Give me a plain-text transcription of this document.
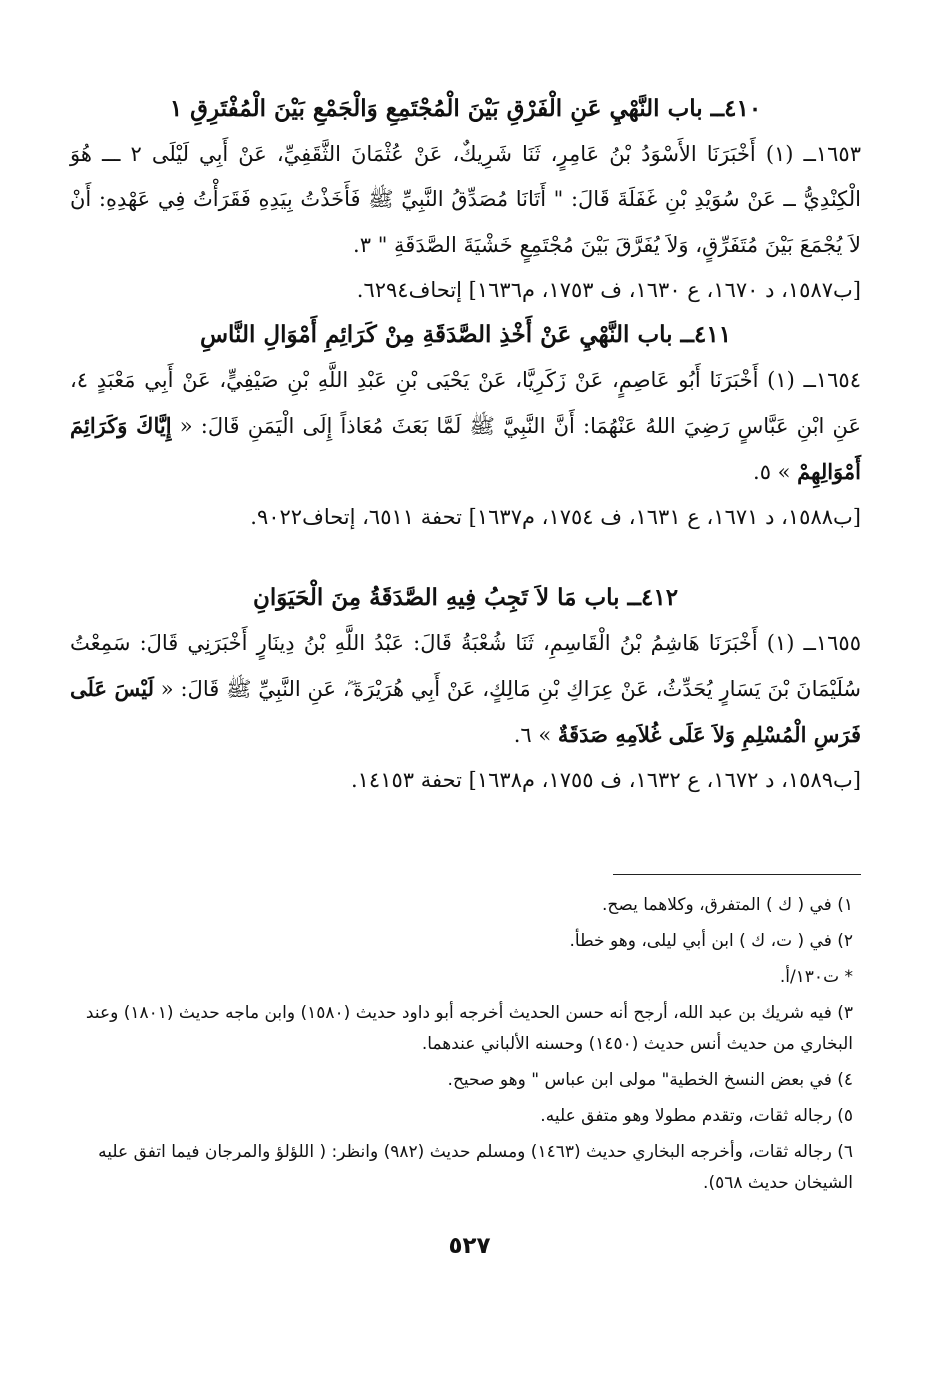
٤١٠ــ باب النَّهْيِ عَنِ الْفَرْقِ بَيْنَ الْمُجْتَمِعِ وَالْجَمْعِ بَيْنَ الْمُفْتَرِقِ ١

١٦٥٣ــ (١) أَخْبَرَنَا الأَسْوَدُ بْنُ عَامِرٍ، ثَنَا شَرِيكٌ، عَنْ عُثْمَانَ الثَّقَفِيِّ، عَنْ أَبِي لَيْلَى ٢ ـــ هُوَ الْكِنْدِيُّ ــ عَنْ سُوَيْدِ بْنِ غَفَلَةَ قَالَ: " أَتَانَا مُصَدِّقُ النَّبِيِّ ﷺ فَأَخَذْتُ بِيَدِهِ فَقَرَأْتُ فِي عَهْدِهِ: أَنْ لاَ يُجْمَعَ بَيْنَ مُتَفَرِّقٍ، وَلاَ يُفَرَّقَ بَيْنَ مُجْتَمِعٍ خَشْيَةَ الصَّدَقَةِ " ٣.

[ب١٥٨٧، د ١٦٧٠، ع ١٦٣٠، ف ١٧٥٣، م١٦٣٦] إتحاف٦٢٩٤.

٤١١ــ باب النَّهْيِ عَنْ أَخْذِ الصَّدَقَةِ مِنْ كَرَائِمِ أَمْوَالِ النَّاسِ

١٦٥٤ــ (١) أَخْبَرَنَا أَبُو عَاصِمٍ، عَنْ زَكَرِيَّا، عَنْ يَحْيَى بْنِ عَبْدِ اللَّهِ بْنِ صَيْفِيٍّ، عَنْ أَبِي مَعْبَدٍ ٤، عَنِ ابْنِ عَبَّاسٍ رَضِيَ اللهُ عَنْهُمَا: أَنَّ النَّبِيَّ ﷺ لَمَّا بَعَثَ مُعَاذاً إِلَى الْيَمَنِ قَالَ: « إِيَّاكَ وَكَرَائِمَ أَمْوَالِهِمْ » ٥.

[ب١٥٨٨، د ١٦٧١، ع ١٦٣١، ف ١٧٥٤، م١٦٣٧] تحفة ٦٥١١، إتحاف٩٠٢٢.

٤١٢ــ باب مَا لاَ تَجِبُ فِيهِ الصَّدَقَةُ مِنَ الْحَيَوَانِ

١٦٥٥ــ (١) أَخْبَرَنَا هَاشِمُ بْنُ الْقَاسِمِ، ثَنَا شُعْبَةُ قَالَ: عَبْدُ اللَّهِ بْنُ دِينَارٍ أَخْبَرَنِي قَالَ: سَمِعْتُ سُلَيْمَانَ بْنَ يَسَارٍ يُحَدِّثُ، عَنْ عِرَاكِ بْنِ مَالِكٍ، عَنْ أَبِي هُرَيْرَةَ ؓ، عَنِ النَّبِيِّ ﷺ قَالَ: « لَيْسَ عَلَى فَرَسِ الْمُسْلِمِ وَلاَ عَلَى غُلاَمِهِ صَدَقَةٌ » ٦.

[ب١٥٨٩، د ١٦٧٢، ع ١٦٣٢، ف ١٧٥٥، م١٦٣٨] تحفة ١٤١٥٣.

١) في ( ك ) المتفرق، وكلاهما يصح.

٢) في ( ت، ك ) ابن أبي ليلى، وهو خطأ.

* ت١٣٠/أ.

٣) فيه شريك بن عبد الله، أرجح أنه حسن الحديث أخرجه أبو داود حديث (١٥٨٠) وابن ماجه حديث (١٨٠١) وعند البخاري من حديث أنس حديث (١٤٥٠) وحسنه الألباني عندهما.

٤) في بعض النسخ الخطية" مولى ابن عباس " وهو صحيح.

٥) رجاله ثقات، وتقدم مطولا وهو متفق عليه.

٦) رجاله ثقات، وأخرجه البخاري حديث (١٤٦٣) ومسلم حديث (٩٨٢) وانظر: ( اللؤلؤ والمرجان فيما اتفق عليه الشيخان حديث ٥٦٨).

٥٢٧
